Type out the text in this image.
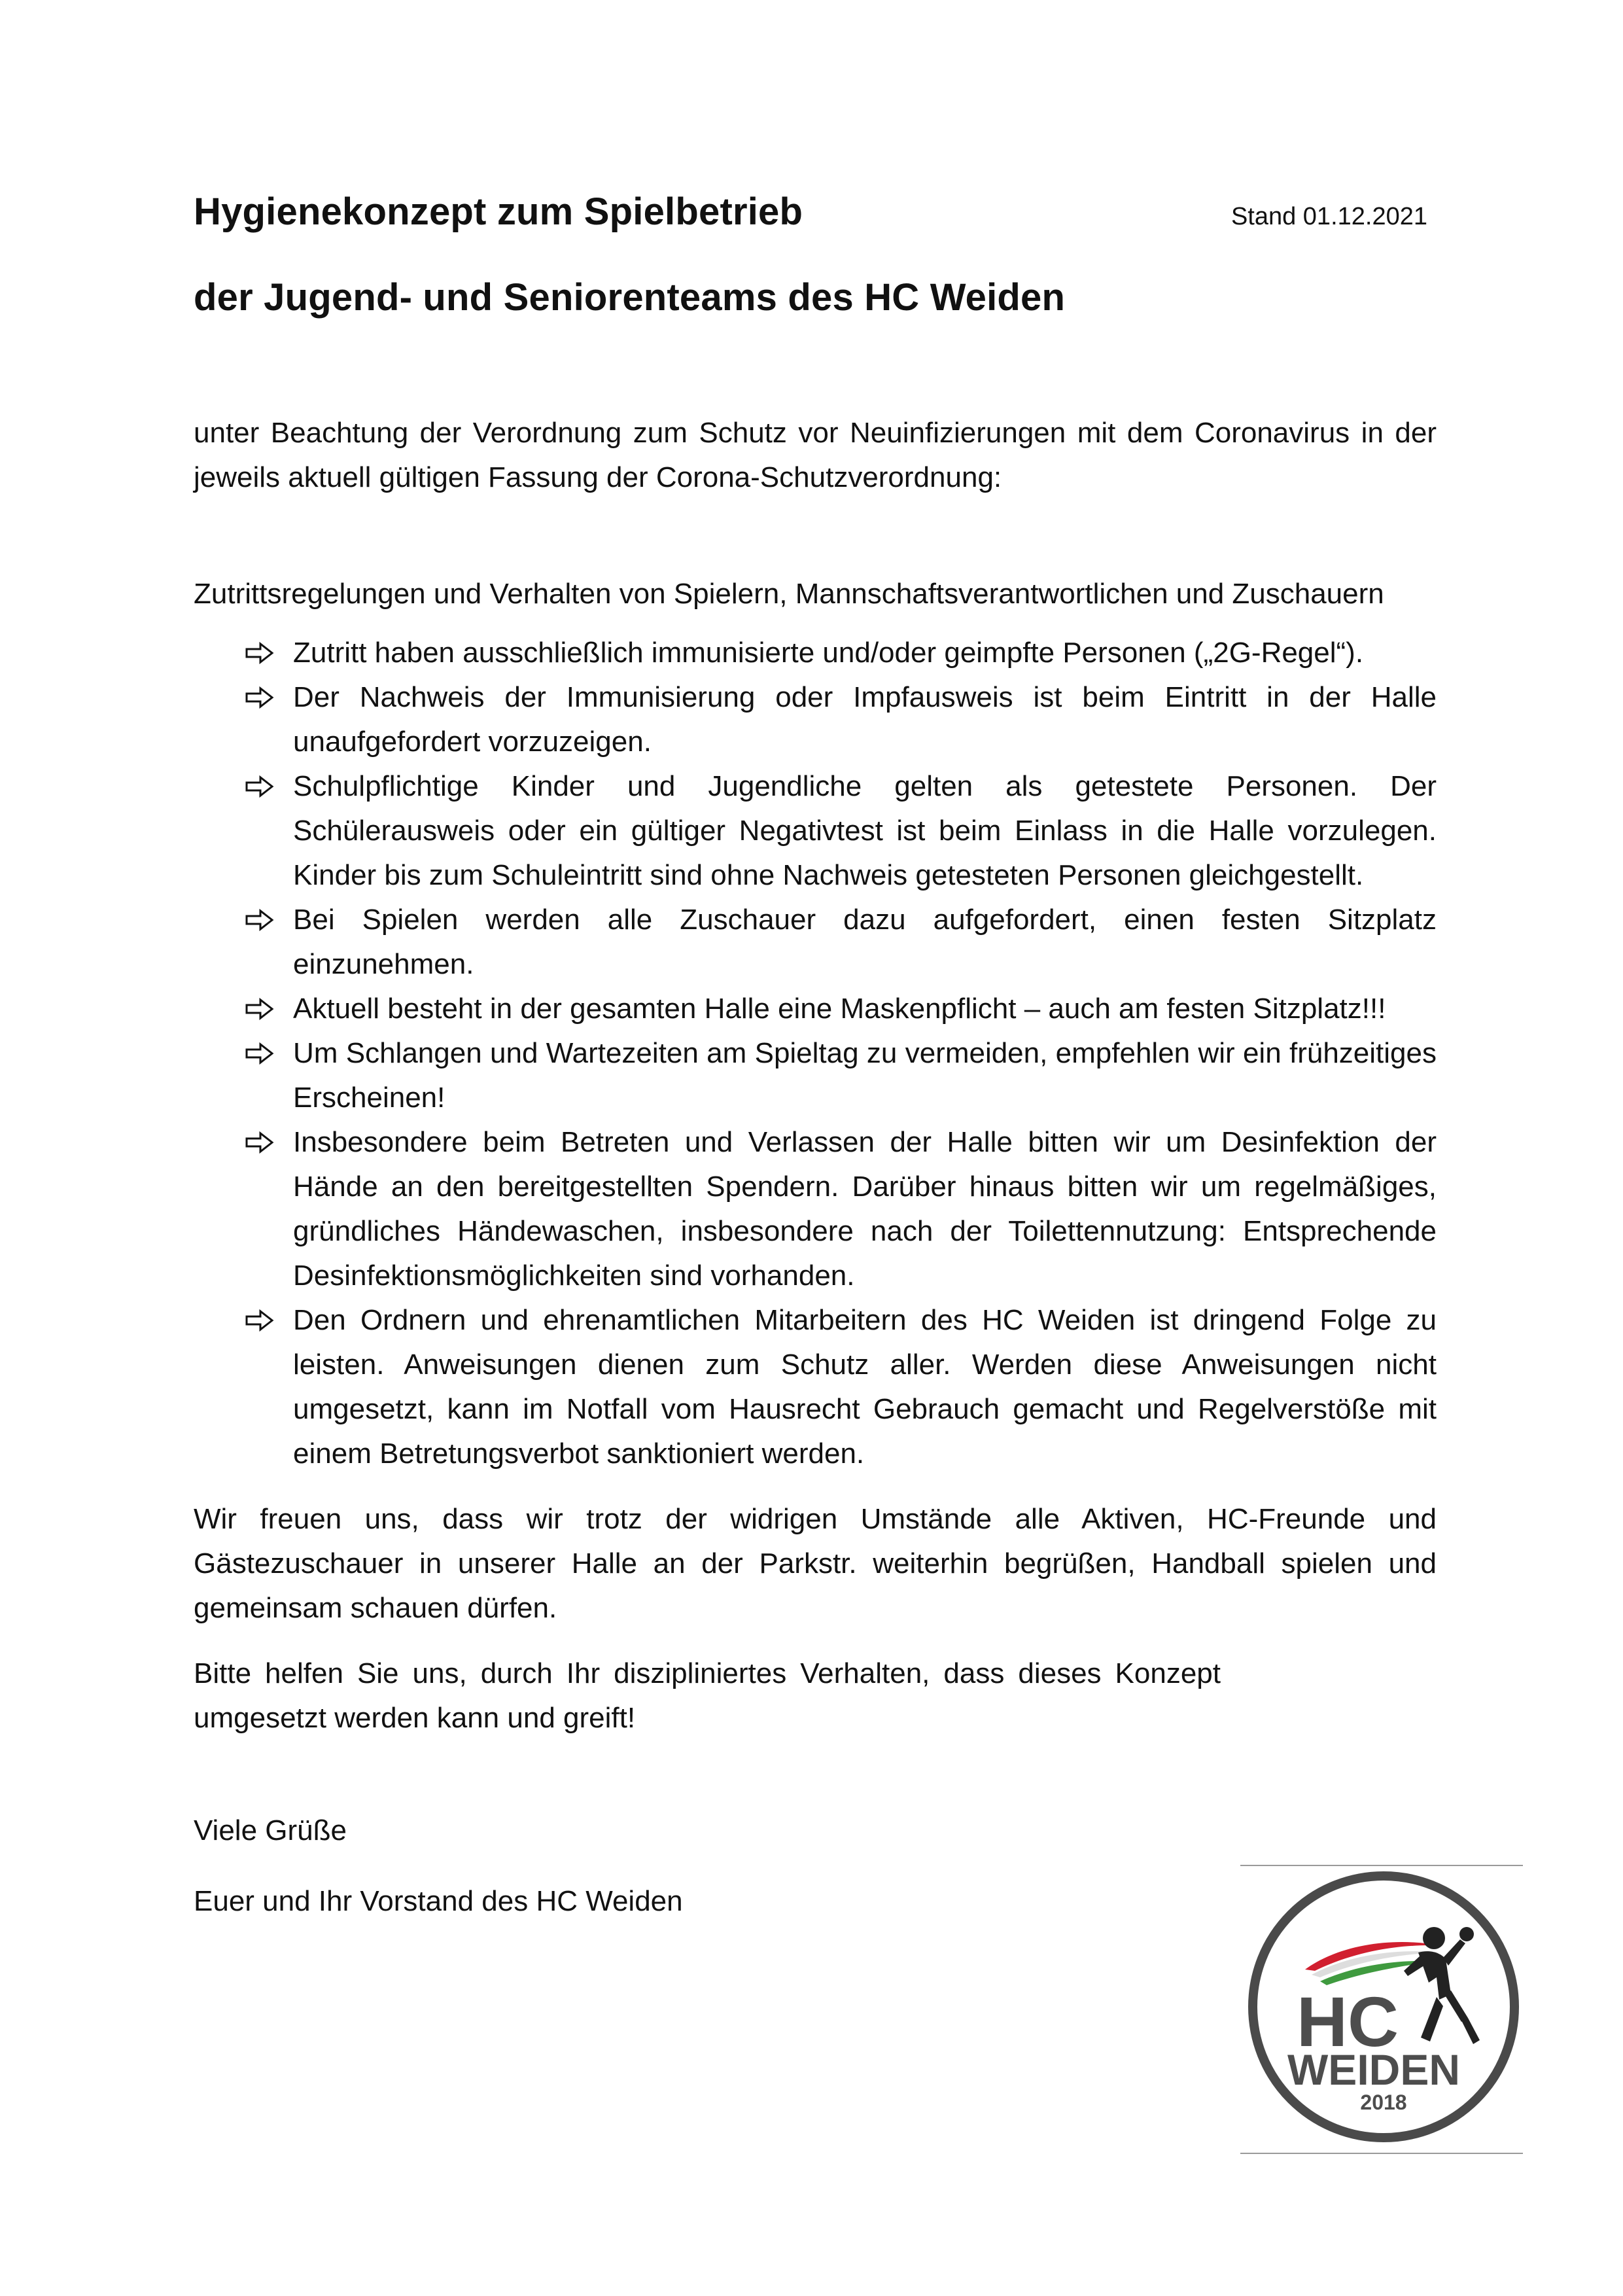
Hygienekonzept zum Spielbetrieb	Stand 01.12.2021
der Jugend- und Seniorenteams des HC Weiden

unter Beachtung der Verordnung zum Schutz vor Neuinfizierungen mit dem Coronavirus in der jeweils aktuell gültigen Fassung der Corona-Schutzverordnung:

Zutrittsregelungen und Verhalten von Spielern, Mannschaftsverantwortlichen und Zuschauern

Zutritt haben ausschließlich immunisierte und/oder geimpfte Personen („2G-Regel“).
Der Nachweis der Immunisierung oder Impfausweis ist beim Eintritt in der Halle unaufgefordert vorzuzeigen.
Schulpflichtige Kinder und Jugendliche gelten als getestete Personen. Der Schülerausweis oder ein gültiger Negativtest ist beim Einlass in die Halle vorzulegen. Kinder bis zum Schuleintritt sind ohne Nachweis getesteten Personen gleichgestellt.
Bei Spielen werden alle Zuschauer dazu aufgefordert, einen festen Sitzplatz einzunehmen.
Aktuell besteht in der gesamten Halle eine Maskenpflicht – auch am festen Sitzplatz!!!
Um Schlangen und Wartezeiten am Spieltag zu vermeiden, empfehlen wir ein frühzeitiges Erscheinen!
Insbesondere beim Betreten und Verlassen der Halle bitten wir um Desinfektion der Hände an den bereitgestellten Spendern. Darüber hinaus bitten wir um regelmäßiges, gründliches Händewaschen, insbesondere nach der Toilettennutzung: Entsprechende Desinfektionsmöglichkeiten sind vorhanden.
Den Ordnern und ehrenamtlichen Mitarbeitern des HC Weiden ist dringend Folge zu leisten. Anweisungen dienen zum Schutz aller. Werden diese Anweisungen nicht umgesetzt, kann im Notfall vom Hausrecht Gebrauch gemacht und Regelverstöße mit einem Betretungsverbot sanktioniert werden.

Wir freuen uns, dass wir trotz der widrigen Umstände alle Aktiven, HC-Freunde und Gästezuschauer in unserer Halle an der Parkstr. weiterhin begrüßen, Handball spielen und gemeinsam schauen dürfen.

Bitte helfen Sie uns, durch Ihr diszipliniertes Verhalten, dass dieses Konzept umgesetzt werden kann und greift!

Viele Grüße

Euer und Ihr Vorstand des HC Weiden

HC
WEIDEN
2018
